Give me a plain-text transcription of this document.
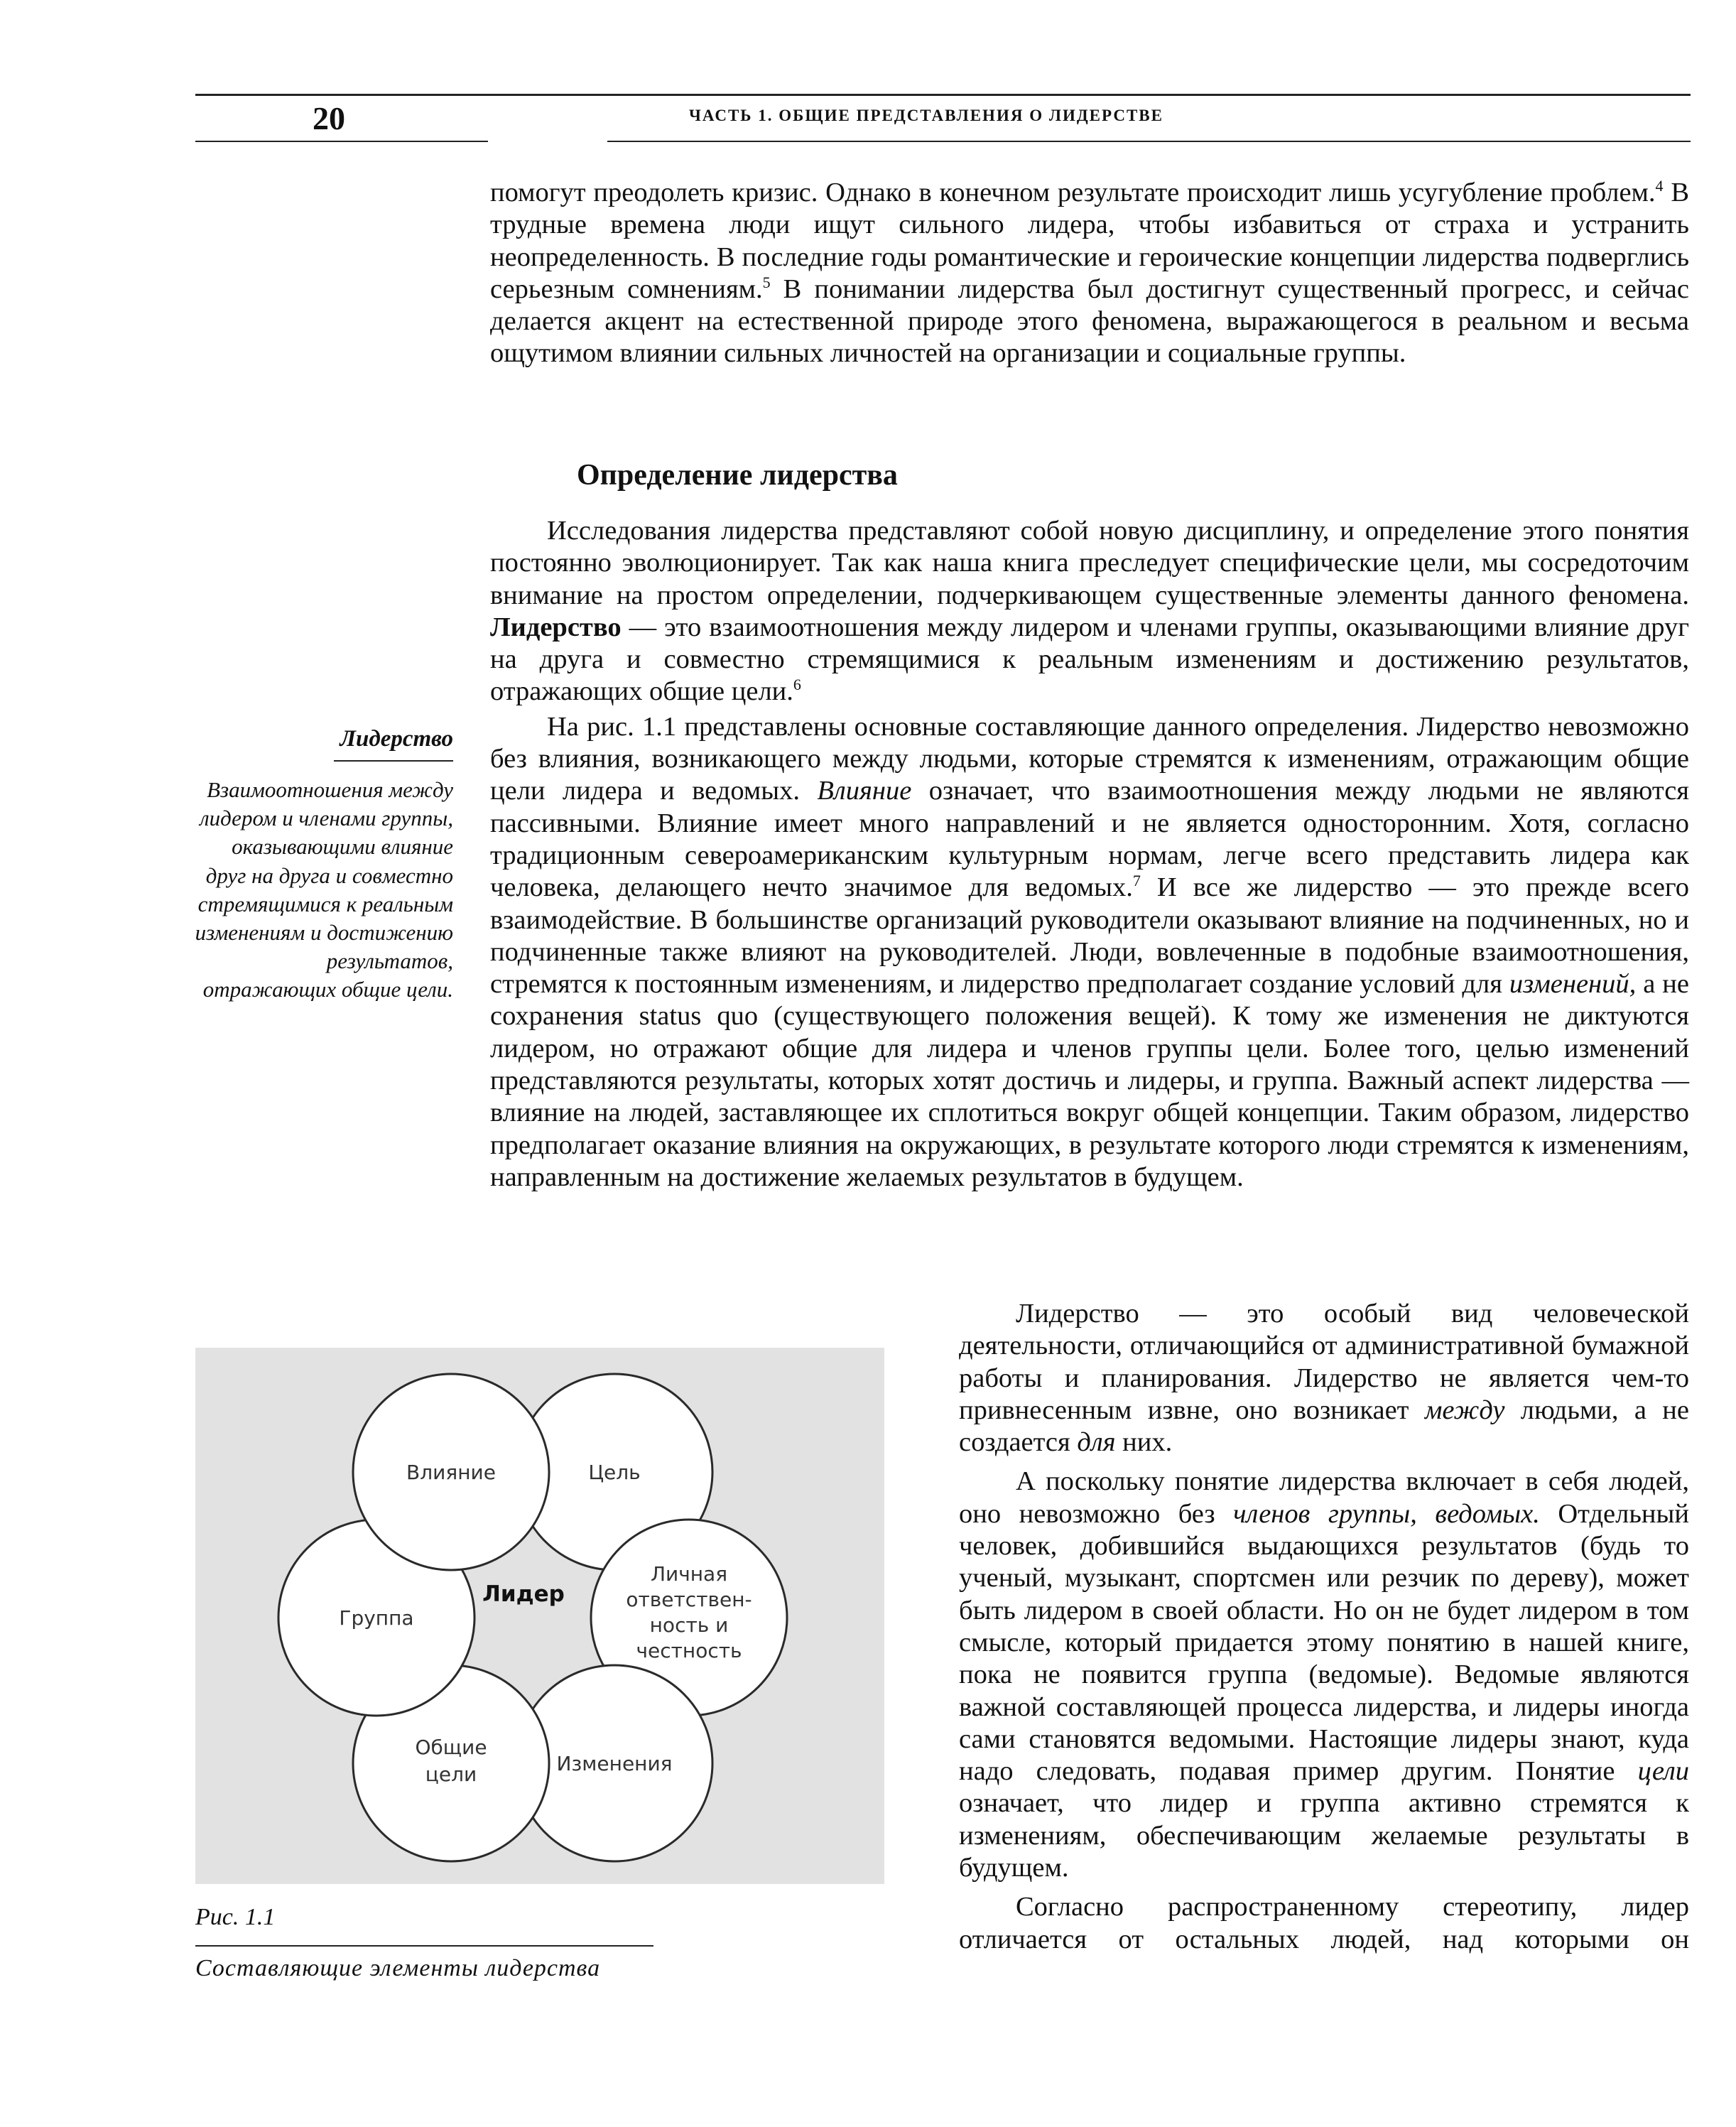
20	ЧАСТЬ 1. ОБЩИЕ ПРЕДСТАВЛЕНИЯ О ЛИДЕРСТВЕ

помогут преодолеть кризис. Однако в конечном результате происходит лишь усугубление проблем.$^4$ В трудные времена люди ищут сильного лидера, чтобы избавиться от страха и устранить неопределенность. В последние годы романтические и героические концепции лидерства подверглись серьезным сомнениям.$^5$ В понимании лидерства был достигнут существенный прогресс, и сейчас делается акцент на естественной природе этого феномена, выражающегося в реальном и весьма ощутимом влиянии сильных личностей на организации и социальные группы.

Определение лидерства

Исследования лидерства представляют собой новую дисциплину, и определение этого понятия постоянно эволюционирует. Так как наша книга преследует специфические цели, мы сосредоточим внимание на простом определении, подчеркивающем существенные элементы данного феномена. Лидерство — это взаимоотношения между лидером и членами группы, оказывающими влияние друг на друга и совместно стремящимися к реальным изменениям и достижению результатов, отражающих общие цели.$^6$

На рис. 1.1 представлены основные составляющие данного определения. Лидерство невозможно без влияния, возникающего между людьми, которые стремятся к изменениям, отражающим общие цели лидера и ведомых. Влияние означает, что взаимоотношения между людьми не являются пассивными. Влияние имеет много направлений и не является односторонним. Хотя, согласно традиционным североамериканским культурным нормам, легче всего представить лидера как человека, делающего нечто значимое для ведомых.$^7$ И все же лидерство — это прежде всего взаимодействие. В большинстве организаций руководители оказывают влияние на подчиненных, но и подчиненные также влияют на руководителей. Люди, вовлеченные в подобные взаимоотношения, стремятся к постоянным изменениям, и лидерство предполагает создание условий для изменений, а не сохранения status quo (существующего положения вещей). К тому же изменения не диктуются лидером, но отражают общие для лидера и членов группы цели. Более того, целью изменений представляются результаты, которых хотят достичь и лидеры, и группа. Важный аспект лидерства — влияние на людей, заставляющее их сплотиться вокруг общей концепции. Таким образом, лидерство предполагает оказание влияния на окружающих, в результате которого люди стремятся к изменениям, направленным на достижение желаемых результатов в будущем.

Лидерство
Взаимоотношения между лидером и членами группы, оказывающими влияние друг на друга и совместно стремящимися к реальным изменениям и достижению результатов, отражающих общие цели.

Лидерство — это особый вид человеческой деятельности, отличающийся от административной бумажной работы и планирования. Лидерство не является чем-то привнесенным извне, оно возникает между людьми, а не создается для них.

А поскольку понятие лидерства включает в себя людей, оно невозможно без членов группы, ведомых. Отдельный человек, добившийся выдающихся результатов (будь то ученый, музыкант, спортсмен или резчик по дереву), может быть лидером в своей области. Но он не будет лидером в том смысле, который придается этому понятию в нашей книге, пока не появится группа (ведомые). Ведомые являются важной составляющей процесса лидерства, и лидеры иногда сами становятся ведомыми. Настоящие лидеры знают, куда надо следовать, подавая пример другим. Понятие цели означает, что лидер и группа активно стремятся к изменениям, обеспечивающим желаемые результаты в будущем.

Согласно распространенному стереотипу, лидер отличается от остальных людей, над которыми он

Влияние	Цель
Группа
Личная
ответствен-
ность и
честность
Общие
цели	Изменения
Лидер
Рис. 1.1
Составляющие элементы лидерства
